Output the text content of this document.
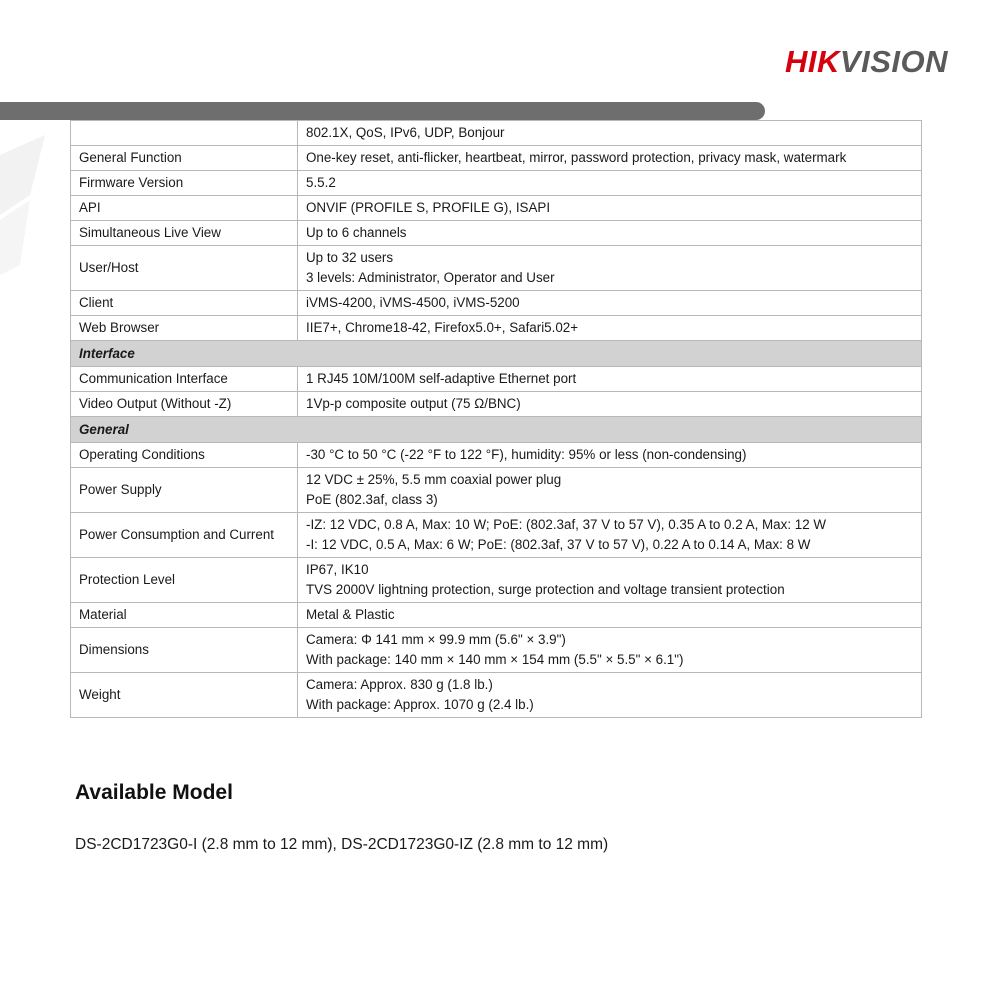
HIKVISION

	802.1X, QoS, IPv6, UDP, Bonjour

General Function	One-key reset, anti-flicker, heartbeat, mirror, password protection, privacy mask, watermark

Firmware Version	5.5.2

API	ONVIF (PROFILE S, PROFILE G), ISAPI

Simultaneous Live View	Up to 6 channels

User/Host	Up to 32 users
3 levels: Administrator, Operator and User

Client	iVMS-4200, iVMS-4500, iVMS-5200

Web Browser	IIE7+, Chrome18-42, Firefox5.0+, Safari5.02+

Interface	
Communication Interface	1 RJ45 10M/100M self-adaptive Ethernet port

Video Output (Without -Z)	1Vp-p composite output (75 Ω/BNC)

General	
Operating Conditions	-30 °C to 50 °C (-22 °F to 122 °F), humidity: 95% or less (non-condensing)

Power Supply	12 VDC ± 25%, 5.5 mm coaxial power plug
PoE (802.3af, class 3)

Power Consumption and Current	-IZ: 12 VDC, 0.8 A, Max: 10 W; PoE: (802.3af, 37 V to 57 V), 0.35 A to 0.2 A, Max: 12 W
-I: 12 VDC, 0.5 A, Max: 6 W; PoE: (802.3af, 37 V to 57 V), 0.22 A to 0.14 A, Max: 8 W

Protection Level	IP67, IK10
TVS 2000V lightning protection, surge protection and voltage transient protection

Material	Metal & Plastic

Dimensions	Camera: Φ 141 mm × 99.9 mm (5.6" × 3.9")
With package: 140 mm × 140 mm × 154 mm (5.5" × 5.5" × 6.1")

Weight	Camera: Approx. 830 g (1.8 lb.)
With package: Approx. 1070 g (2.4 lb.)
Available Model
DS-2CD1723G0-I (2.8 mm to 12 mm), DS-2CD1723G0-IZ (2.8 mm to 12 mm)
